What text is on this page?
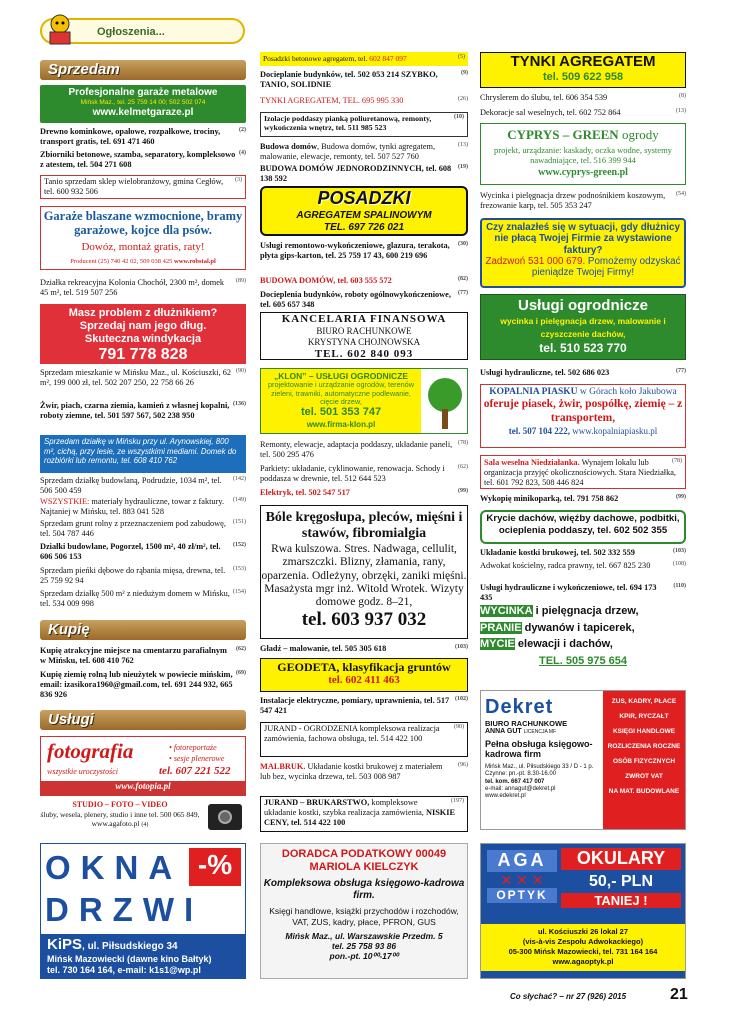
Ogłoszenia...
Sprzedam
Profesjonalne garaże metalowe
Mińsk Maz., tel. 25 759 14 00; 502 502 074
www.kelmetgaraze.pl
(2)
Drewno kominkowe, opałowe, rozpałkowe, trociny, transport gratis, tel. 691 471 460
(4)
Zbiorniki betonowe, szamba, separatory, kompleksowo z atestem, tel. 504 271 608
(3)
Tanio sprzedam sklep wielobranżowy, gmina Cegłów, tel. 600 932 506
Garaże blaszane wzmocnione, bramy garażowe, kojce dla psów.
Dowóz, montaż gratis, raty!
Producent (25) 740 42 02, 509 038 425 www.robstal.pl
(89)
Działka rekreacyjna Kolonia Chochół, 2300 m², domek 45 m², tel. 519 507 256
Masz problem z dłużnikiem?
Sprzedaj nam jego dług.
Skuteczna windykacja
791 778 828
(90)
Sprzedam mieszkanie w Mińsku Maz., ul. Kościuszki, 62 m², 199 000 zł, tel. 502 207 250, 22 758 66 26
(136)
Żwir, piach, czarna ziemia, kamień z własnej kopalni, roboty ziemne, tel. 501 597 567, 502 238 950
Sprzedam działkę w Mińsku przy ul. Arynowskiej, 800 m², cichą, przy lesie, ze wszystkimi mediami. Domek do rozbiórki lub remontu, tel. 608 410 762
(142)
Sprzedam działkę budowlaną, Podrudzie, 1034 m², tel. 506 500 459
(149)
WSZYSTKIE: materiały hydrauliczne, towar z faktury. Najtaniej w Mińsku, tel. 883 041 528
(151)
Sprzedam grunt rolny z przeznaczeniem pod zabudowę, tel. 504 787 446
(152)
Działki budowlane, Pogorzel, 1500 m², 40 zł/m², tel. 606 506 153
(153)
Sprzedam pieńki dębowe do rąbania mięsa, drewna, tel. 25 759 92 94
(154)
Sprzedam działkę 500 m² z niedużym domem w Mińsku, tel. 534 009 998
Kupię
(62)
Kupię atrakcyjne miejsce na cmentarzu parafialnym w Mińsku, tel. 608 410 762
(69)
Kupię ziemię rolną lub nieużytek w powiecie mińskim, email: izasikora1960@gmail.com, tel. 691 244 932, 665 836 926
Usługi
fotografia	• fotoreportaże
• sesje plenerowe
wszystkie uroczystości	tel. 607 221 522
www.fotopia.pl
STUDIO – FOTO – VIDEO
śluby, wesela, plenery, studio i inne tel. 500 065 849, www.agafoto.pl (4)
OKNA -%
DRZWI
KiPS, ul. Piłsudskiego 34
Mińsk Mazowiecki (dawne kino Bałtyk)
tel. 730 164 164, e-mail: k1s1@wp.pl
(5)
Posadzki betonowe agregatem, tel. 602 847 097
(9)
Docieplanie budynków, tel. 502 053 214 SZYBKO, TANIO, SOLIDNIE
(26)
TYNKI AGREGATEM, TEL. 695 995 330
(10)
Izolacje poddaszy pianką poliuretanową, remonty, wykończenia wnętrz, tel. 511 985 523
(13)
Budowa domów, Budowa domów, tynki agregatem, malowanie, elewacje, remonty, tel. 507 527 760
(19)
BUDOWA DOMÓW JEDNORODZINNYCH, tel. 608 138 592
POSADZKI
AGREGATEM SPALINOWYM
TEL. 697 726 021
(30)
Usługi remontowo-wykończeniowe, glazura, terakota, płyta gips-karton, tel. 25 759 17 43, 600 219 696
(82)
BUDOWA DOMÓW, tel. 603 555 572
(77)
Docieplenia budynków, roboty ogólnowykończeniowe, tel. 605 657 348
KANCELARIA FINANSOWA
BIURO RACHUNKOWE
KRYSTYNA CHOJNOWSKA
TEL. 602 840 093
„KLON” – USŁUGI OGRODNICZE
projektowanie i urządzanie ogrodów, terenów zieleni, trawniki, automatyczne podlewanie, cięcie drzew,
tel. 501 353 747
www.firma-klon.pl
(78)
Remonty, elewacje, adaptacja poddaszy, układanie paneli, tel. 500 295 476
(62)
Parkiety: układanie, cyklinowanie, renowacja. Schody i poddasza w drewnie, tel. 512 644 523
(99)
Elektryk, tel. 502 547 517
Bóle kręgosłupa, pleców, mięśni i stawów, fibromialgia
Rwa kulszowa. Stres. Nadwaga, cellulit, zmarszczki. Blizny, złamania, rany, oparzenia. Odleżyny, obrzęki, zaniki mięśni. Masażysta mgr inż. Witold Wrotek. Wizyty domowe godz. 8–21,
tel. 603 937 032
(103)
Gładź – malowanie, tel. 505 305 618
GEODETA, klasyfikacja gruntów
tel. 602 411 463
(102)
Instalacje elektryczne, pomiary, uprawnienia, tel. 517 547 421
(90)
JURAND - OGRODZENIA kompleksowa realizacja zamówienia, fachowa obsługa, tel. 514 422 100
(96)
MALBRUK. Układanie kostki brukowej z materiałem lub bez, wycinka drzewa, tel. 503 008 987
(197)
JURAND – BRUKARSTWO, kompleksowe układanie kostki, szybka realizacja zamówienia, NISKIE CENY, tel. 514 422 100
DORADCA PODATKOWY 00049
MARIOLA KIELCZYK
Kompleksowa obsługa księgowo-kadrowa firm.
Księgi handlowe, książki przychodów i rozchodów, VAT, ZUS, kadry, płace, PFRON, GUS
Mińsk Maz., ul. Warszawskie Przedm. 5
tel. 25 758 93 86
pon.-pt. 10⁰⁰-17⁰⁰
TYNKI AGREGATEM
tel. 509 622 958
(8)
Chryslerem do ślubu, tel. 606 354 539
(13)
Dekoracje sal weselnych, tel. 602 752 864
CYPRYS – GREEN ogrody
projekt, urządzanie: kaskady, oczka wodne, systemy nawadniające, tel. 516 399 944
www.cyprys-green.pl
(54)
Wycinka i pielęgnacja drzew podnośnikiem koszowym, frezowanie karp, tel. 505 353 247
Czy znalazłeś się w sytuacji, gdy dłużnicy nie płacą Twojej Firmie za wystawione faktury?
Zadzwoń 531 000 679. Pomożemy odzyskać pieniądze Twojej Firmy!
Usługi ogrodnicze
wycinka i pielęgnacja drzew, malowanie i czyszczenie dachów,
tel. 510 523 770
(77)
Usługi hydrauliczne, tel. 502 686 023
KOPALNIA PIASKU w Górach koło Jakubowa
oferuje piasek, żwir, pospółkę, ziemię – z transportem,
tel. 507 104 222, www.kopalniapiasku.pl
(78)
Sala weselna Niedziałanka. Wynajem lokalu lub organizacja przyjęć okolicznościowych. Stara Niedziałka, tel. 601 792 823, 508 446 824
(99)
Wykopię minikoparką, tel. 791 758 862
Krycie dachów, więźby dachowe, podbitki, ocieplenia poddaszy, tel. 602 502 355
(103)
Układanie kostki brukowej, tel. 502 332 559
(108)
Adwokat kościelny, radca prawny, tel. 667 825 230
(110)
Usługi hydrauliczne i wykończeniowe, tel. 694 173 435
WYCINKA i pielęgnacja drzew,
PRANIE dywanów i tapicerek,
MYCIE elewacji i dachów,
TEL. 505 975 654
Dekret
BIURO RACHUNKOWE
ANNA GUT LICENCJA MF
Pełna obsługa księgowo-kadrowa firm
Mińsk Maz., ul. Piłsudskiego 33 / D - 1 p.
Czynne: pn.-pt. 8.30-16.00
tel. kom. 667 417 007
e-mail: annagut@dekret.pl
www.edekret.pl
ZUS, KADRY, PŁACE
KPiR, RYCZAŁT
KSIĘGI HANDLOWE
ROZLICZENIA ROCZNE
OSÓB FIZYCZNYCH
ZWROT VAT
NA MAT. BUDOWLANE
AGA
✕ ✕ ✕
OPTYK
OKULARY
50,- PLN
TANIEJ !
ul. Kościuszki 26 lokal 27
(vis-à-vis Zespołu Adwokackiego)
05-300 Mińsk Mazowiecki, tel. 731 164 164
www.agaoptyk.pl
Co słychać? – nr 27 (926) 2015	21
